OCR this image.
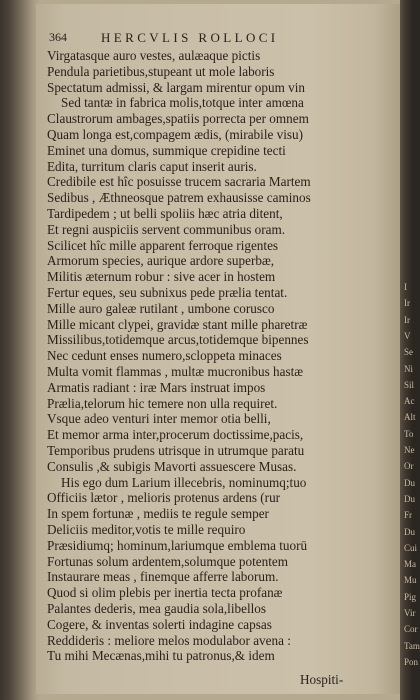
364	HERCVLIS ROLLOCI
Virgatasque auro vestes, aulæaque pictis
Pendula parietibus,stupeant ut mole laboris
Spectatum admissi, & largam mirentur opum vin
Sed tantæ in fabrica molis,totque inter amœna
Claustrorum ambages,spatiis porrecta per omnem
Quam longa est,compagem ædis, (mirabile visu)
Eminet una domus, summique crepidine tecti
Edita, turritum claris caput inserit auris.
Credibile est hîc posuisse trucem sacraria Martem
Sedibus , Æthneosque patrem exhausisse caminos
Tardipedem ; ut belli spoliis hæc atria ditent,
Et regni auspiciis servent communibus oram.
Scilicet hîc mille apparent ferroque rigentes
Armorum species, aurique ardore superbæ,
Militis æternum robur : sive acer in hostem
Fertur eques, seu subnixus pede prælia tentat.
Mille auro galeæ rutilant , umbone corusco
Mille micant clypei, gravidæ stant mille pharetræ
Missilibus,totidemque arcus,totidemque bipennes
Nec cedunt enses numero,scloppeta minaces
Multa vomit flammas , multæ mucronibus hastæ
Armatis radiant : iræ Mars instruat impos
Prælia,telorum hic temere non ulla requiret.
Vsque adeo venturi inter memor otia belli,
Et memor arma inter,procerum doctissime,pacis,
Temporibus prudens utrisque in utrumque paratu
Consulis ,& subigis Mavorti assuescere Musas.
His ego dum Larium illecebris, nominumq;tuo
Officiis lætor , melioris protenus ardens (rur
In spem fortunæ , mediis te regule semper
Deliciis meditor,votis te mille requiro
Præsidiumq; hominum,lariumque emblema tuorū
Fortunas solum ardentem,solumque potentem
Instaurare meas , finemque afferre laborum.
Quod si olim plebis per inertia tecta profanæ
Palantes dederis, mea gaudia sola,libellos
Cogere, & inventas solerti indagine capsas
Reddideris : meliore melos modulabor avena :
Tu mihi Mecænas,mihi tu patronus,& idem
Hospiti-
I
Ir
Ir
V
Se
Ni
Sil
Ac
Alt
To
Ne
Or
Du
Du
Fr
Du
Cui
Ma
Mu
Pig
Vir
Cor
Tam
Pon
